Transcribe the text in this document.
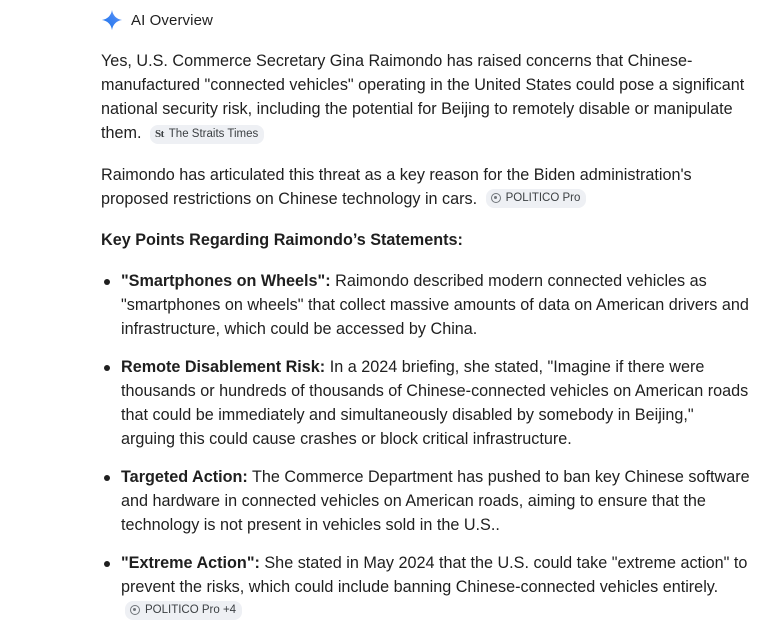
AI Overview

Yes, U.S. Commerce Secretary Gina Raimondo has raised concerns that Chinese-manufactured "connected vehicles" operating in the United States could pose a significant national security risk, including the potential for Beijing to remotely disable or manipulate them. St The Straits Times

Raimondo has articulated this threat as a key reason for the Biden administration's proposed restrictions on Chinese technology in cars. POLITICO Pro

Key Points Regarding Raimondo’s Statements:
"Smartphones on Wheels": Raimondo described modern connected vehicles as "smartphones on wheels" that collect massive amounts of data on American drivers and infrastructure, which could be accessed by China.
Remote Disablement Risk: In a 2024 briefing, she stated, "Imagine if there were thousands or hundreds of thousands of Chinese-connected vehicles on American roads that could be immediately and simultaneously disabled by somebody in Beijing," arguing this could cause crashes or block critical infrastructure.
Targeted Action: The Commerce Department has pushed to ban key Chinese software and hardware in connected vehicles on American roads, aiming to ensure that the technology is not present in vehicles sold in the U.S..
"Extreme Action": She stated in May 2024 that the U.S. could take "extreme action" to prevent the risks, which could include banning Chinese-connected vehicles entirely.
POLITICO Pro +4
